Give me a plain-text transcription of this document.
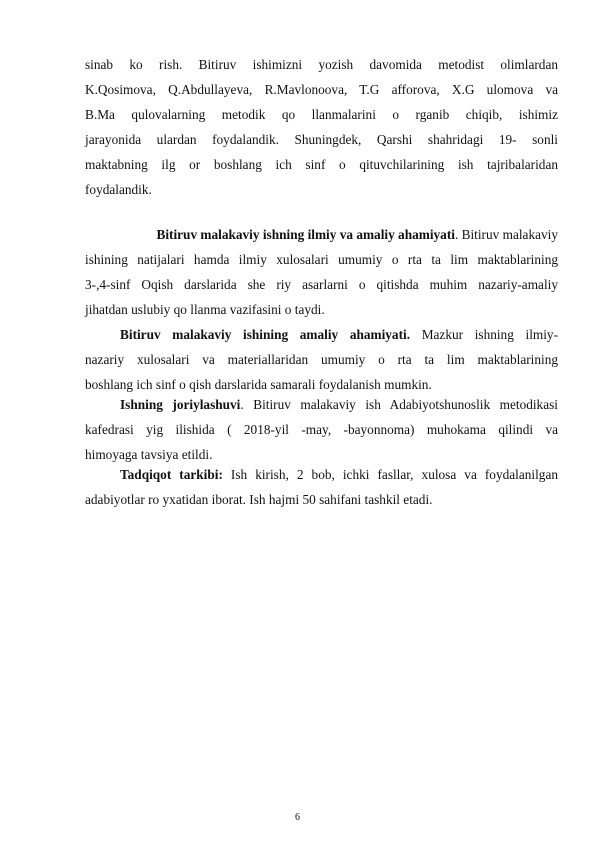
sinab ko rish. Bitiruv ishimizni yozish davomida metodist olimlardan
K.Qosimova, Q.Abdullayeva, R.Mavlonoova, T.G afforova, X.G ulomova va
B.Ma qulovalarning metodik qo llanmalarini o rganib chiqib, ishimiz
jarayonida ulardan foydalandik. Shuningdek, Qarshi shahridagi 19- sonli
maktabning ilg or boshlang ich sinf o qituvchilarining ish tajribalaridan
foydalandik.
Bitiruv malakaviy ishning ilmiy va amaliy ahamiyati. Bitiruv malakaviy
ishining natijalari hamda ilmiy xulosalari umumiy o rta ta lim maktablarining
3-,4-sinf Oqish darslarida she riy asarlarni o qitishda muhim nazariy-amaliy
jihatdan uslubiy qo llanma vazifasini o taydi.
Bitiruv malakaviy ishining amaliy ahamiyati. Mazkur ishning ilmiy-
nazariy xulosalari va materiallaridan umumiy o rta ta lim maktablarining
boshlang ich sinf o qish darslarida samarali foydalanish mumkin.
Ishning joriylashuvi. Bitiruv malakaviy ish Adabiyotshunoslik metodikasi
kafedrasi yig ilishida ( 2018-yil -may, -bayonnoma) muhokama qilindi va
himoyaga tavsiya etildi.
Tadqiqot tarkibi: Ish kirish, 2 bob, ichki fasllar, xulosa va foydalanilgan
adabiyotlar ro yxatidan iborat. Ish hajmi 50 sahifani tashkil etadi.
6
